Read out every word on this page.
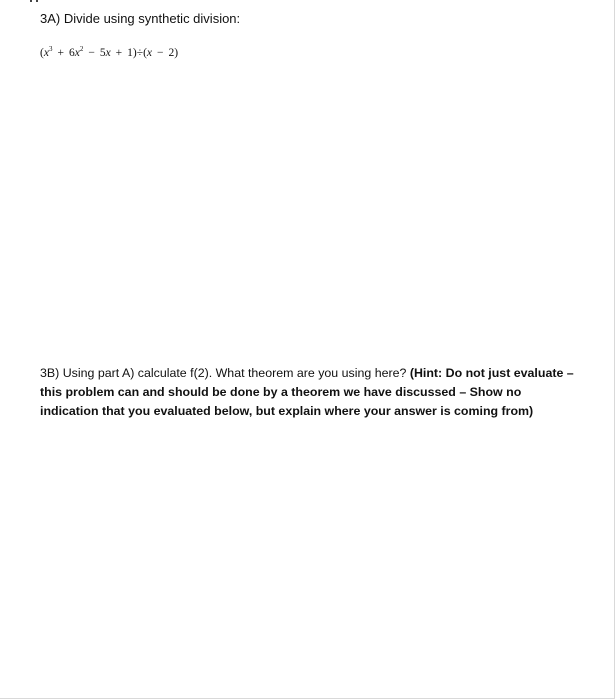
3A) Divide using synthetic division:
$(x^3 + 6x^2 - 5x + 1)\div(x - 2)$
3B) Using part A) calculate f(2). What theorem are you using here? (Hint: Do not just evaluate – this problem can and should be done by a theorem we have discussed – Show no indication that you evaluated below, but explain where your answer is coming from)
